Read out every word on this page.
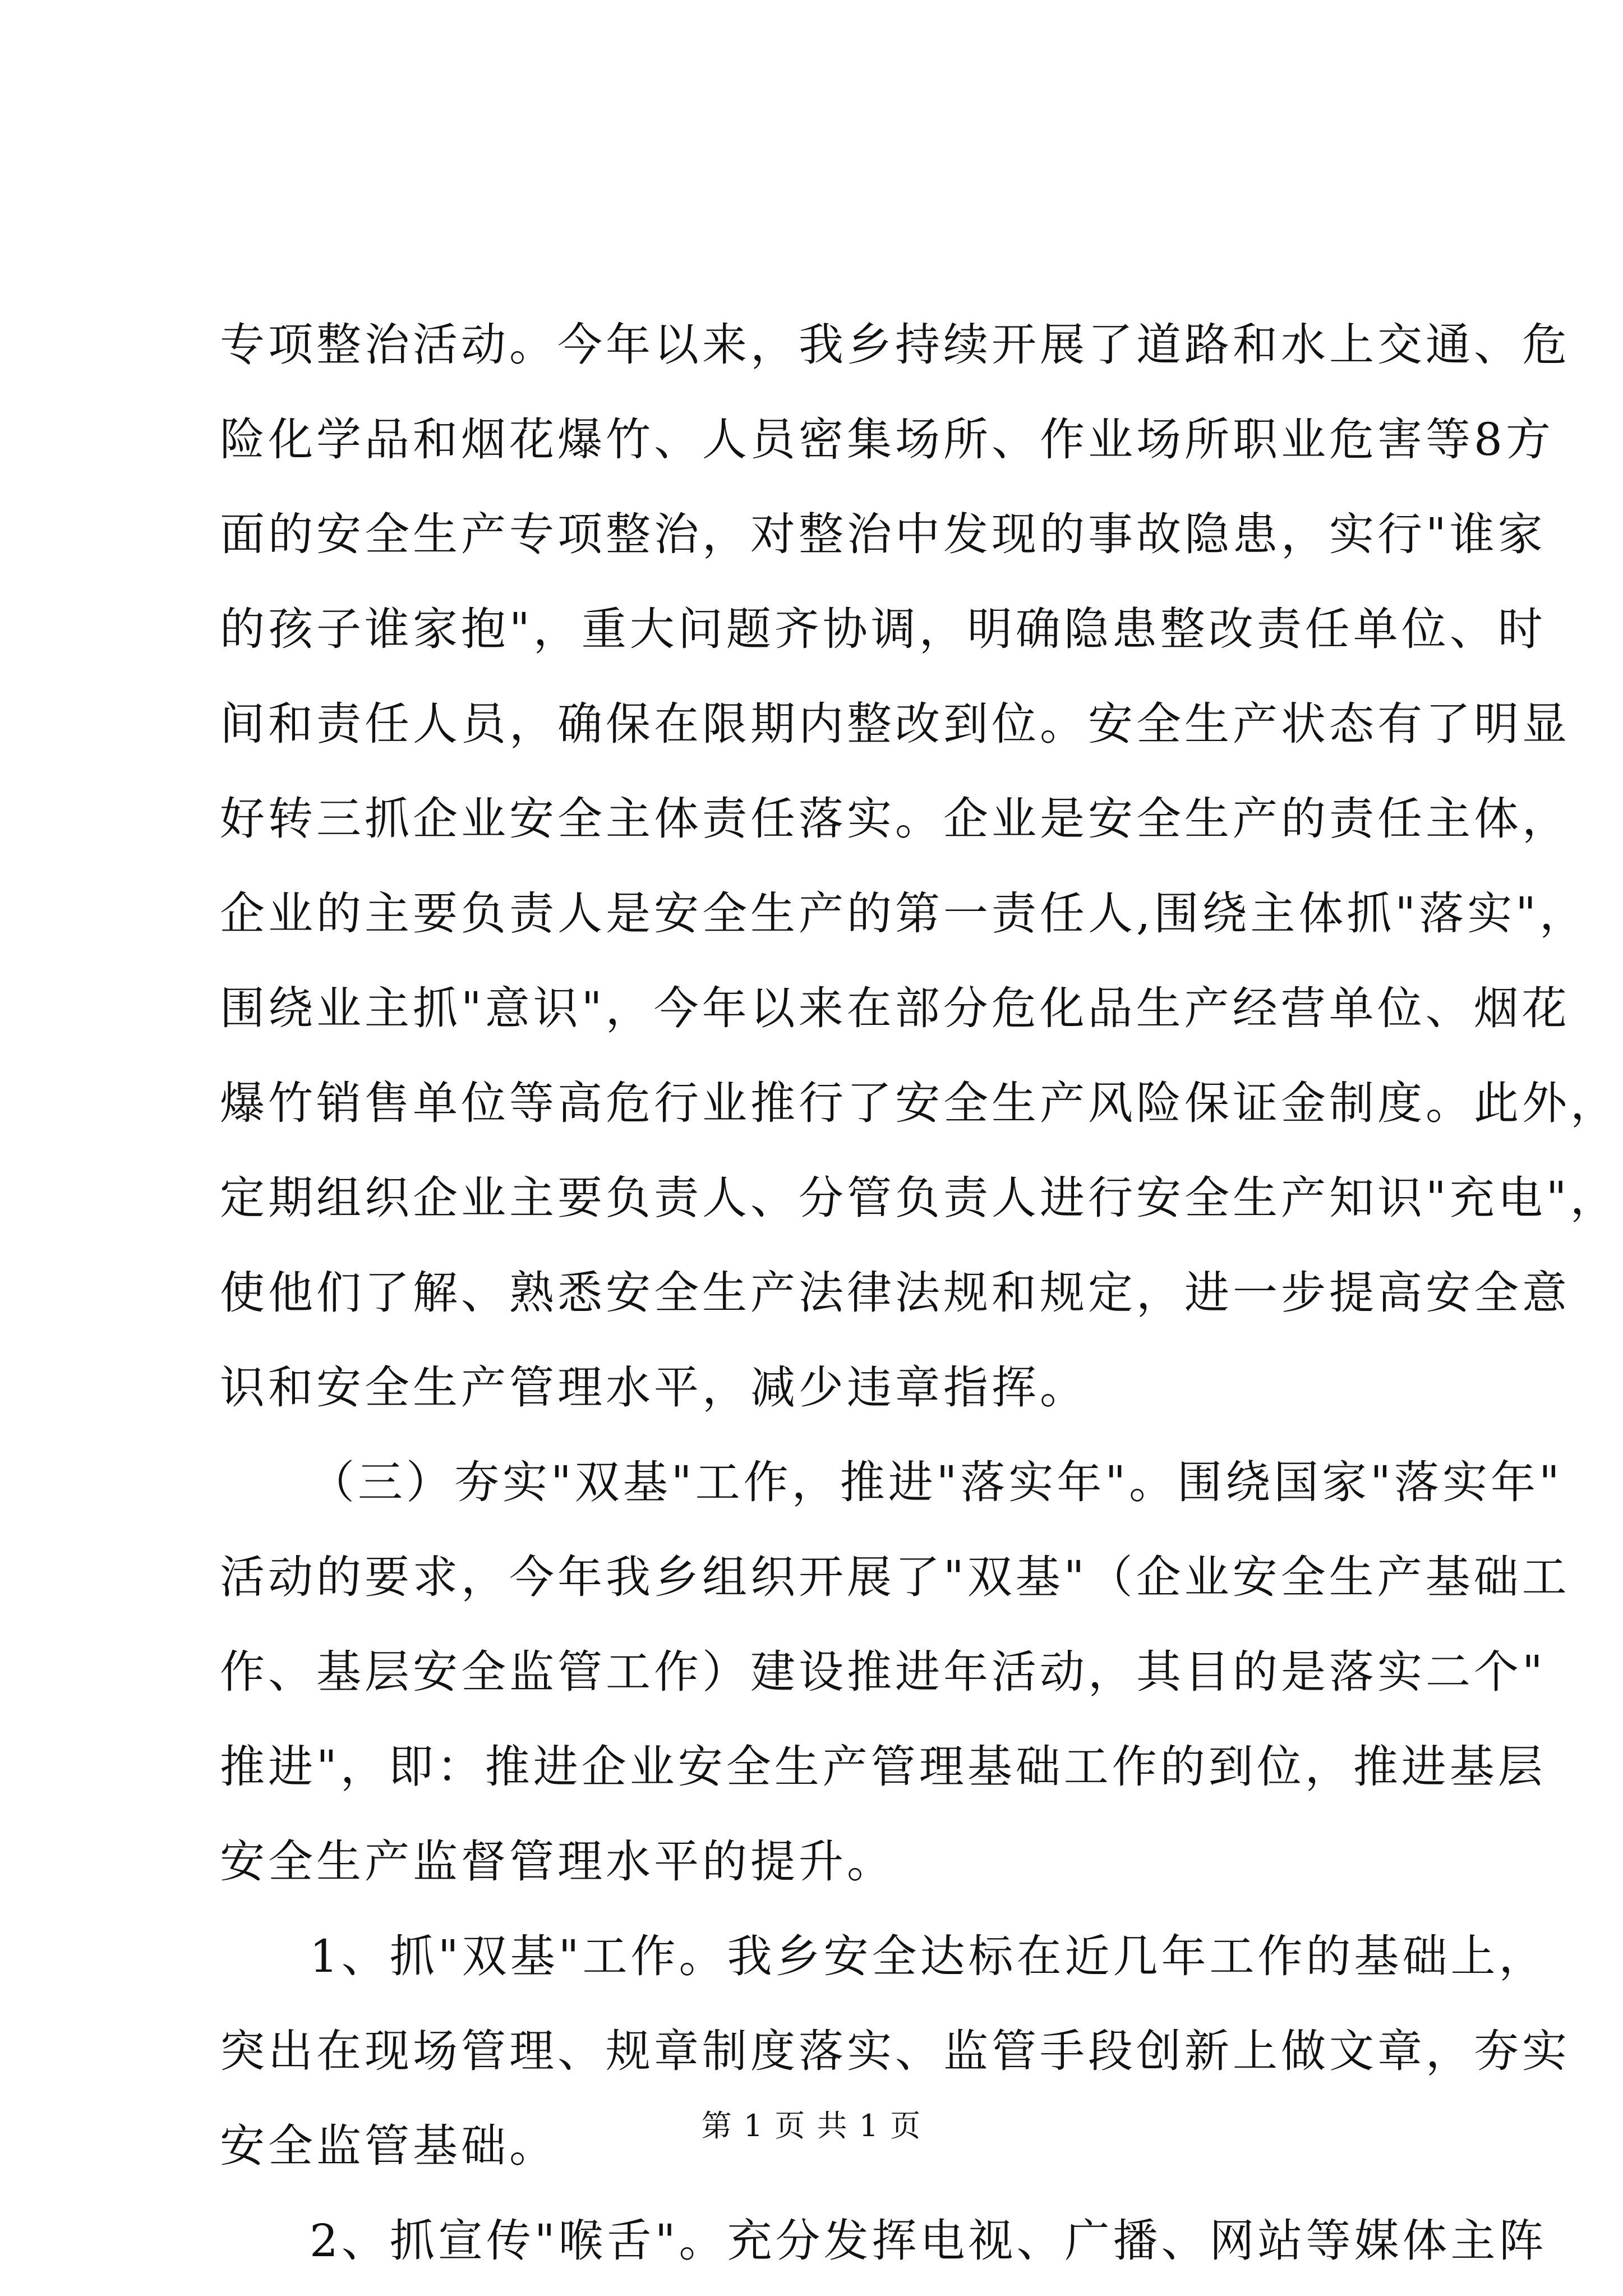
专项整治活动。今年以来，我乡持续开展了道路和水上交通、危
险化学品和烟花爆竹、人员密集场所、作业场所职业危害等8方
面的安全生产专项整治，对整治中发现的事故隐患，实行"谁家
的孩子谁家抱"，重大问题齐协调，明确隐患整改责任单位、时
间和责任人员，确保在限期内整改到位。安全生产状态有了明显
好转三抓企业安全主体责任落实。企业是安全生产的责任主体，
企业的主要负责人是安全生产的第一责任人,围绕主体抓"落实"，
围绕业主抓"意识"，今年以来在部分危化品生产经营单位、烟花
爆竹销售单位等高危行业推行了安全生产风险保证金制度。此外，
定期组织企业主要负责人、分管负责人进行安全生产知识"充电"，
使他们了解、熟悉安全生产法律法规和规定，进一步提高安全意
识和安全生产管理水平，减少违章指挥。
（三）夯实"双基"工作，推进"落实年"。围绕国家"落实年"
活动的要求，今年我乡组织开展了"双基"（企业安全生产基础工
作、基层安全监管工作）建设推进年活动，其目的是落实二个"
推进"，即：推进企业安全生产管理基础工作的到位，推进基层
安全生产监督管理水平的提升。
1、抓"双基"工作。我乡安全达标在近几年工作的基础上，
突出在现场管理、规章制度落实、监管手段创新上做文章，夯实
安全监管基础。
2、抓宣传"喉舌"。充分发挥电视、广播、网站等媒体主阵
第 1 页 共 1 页
